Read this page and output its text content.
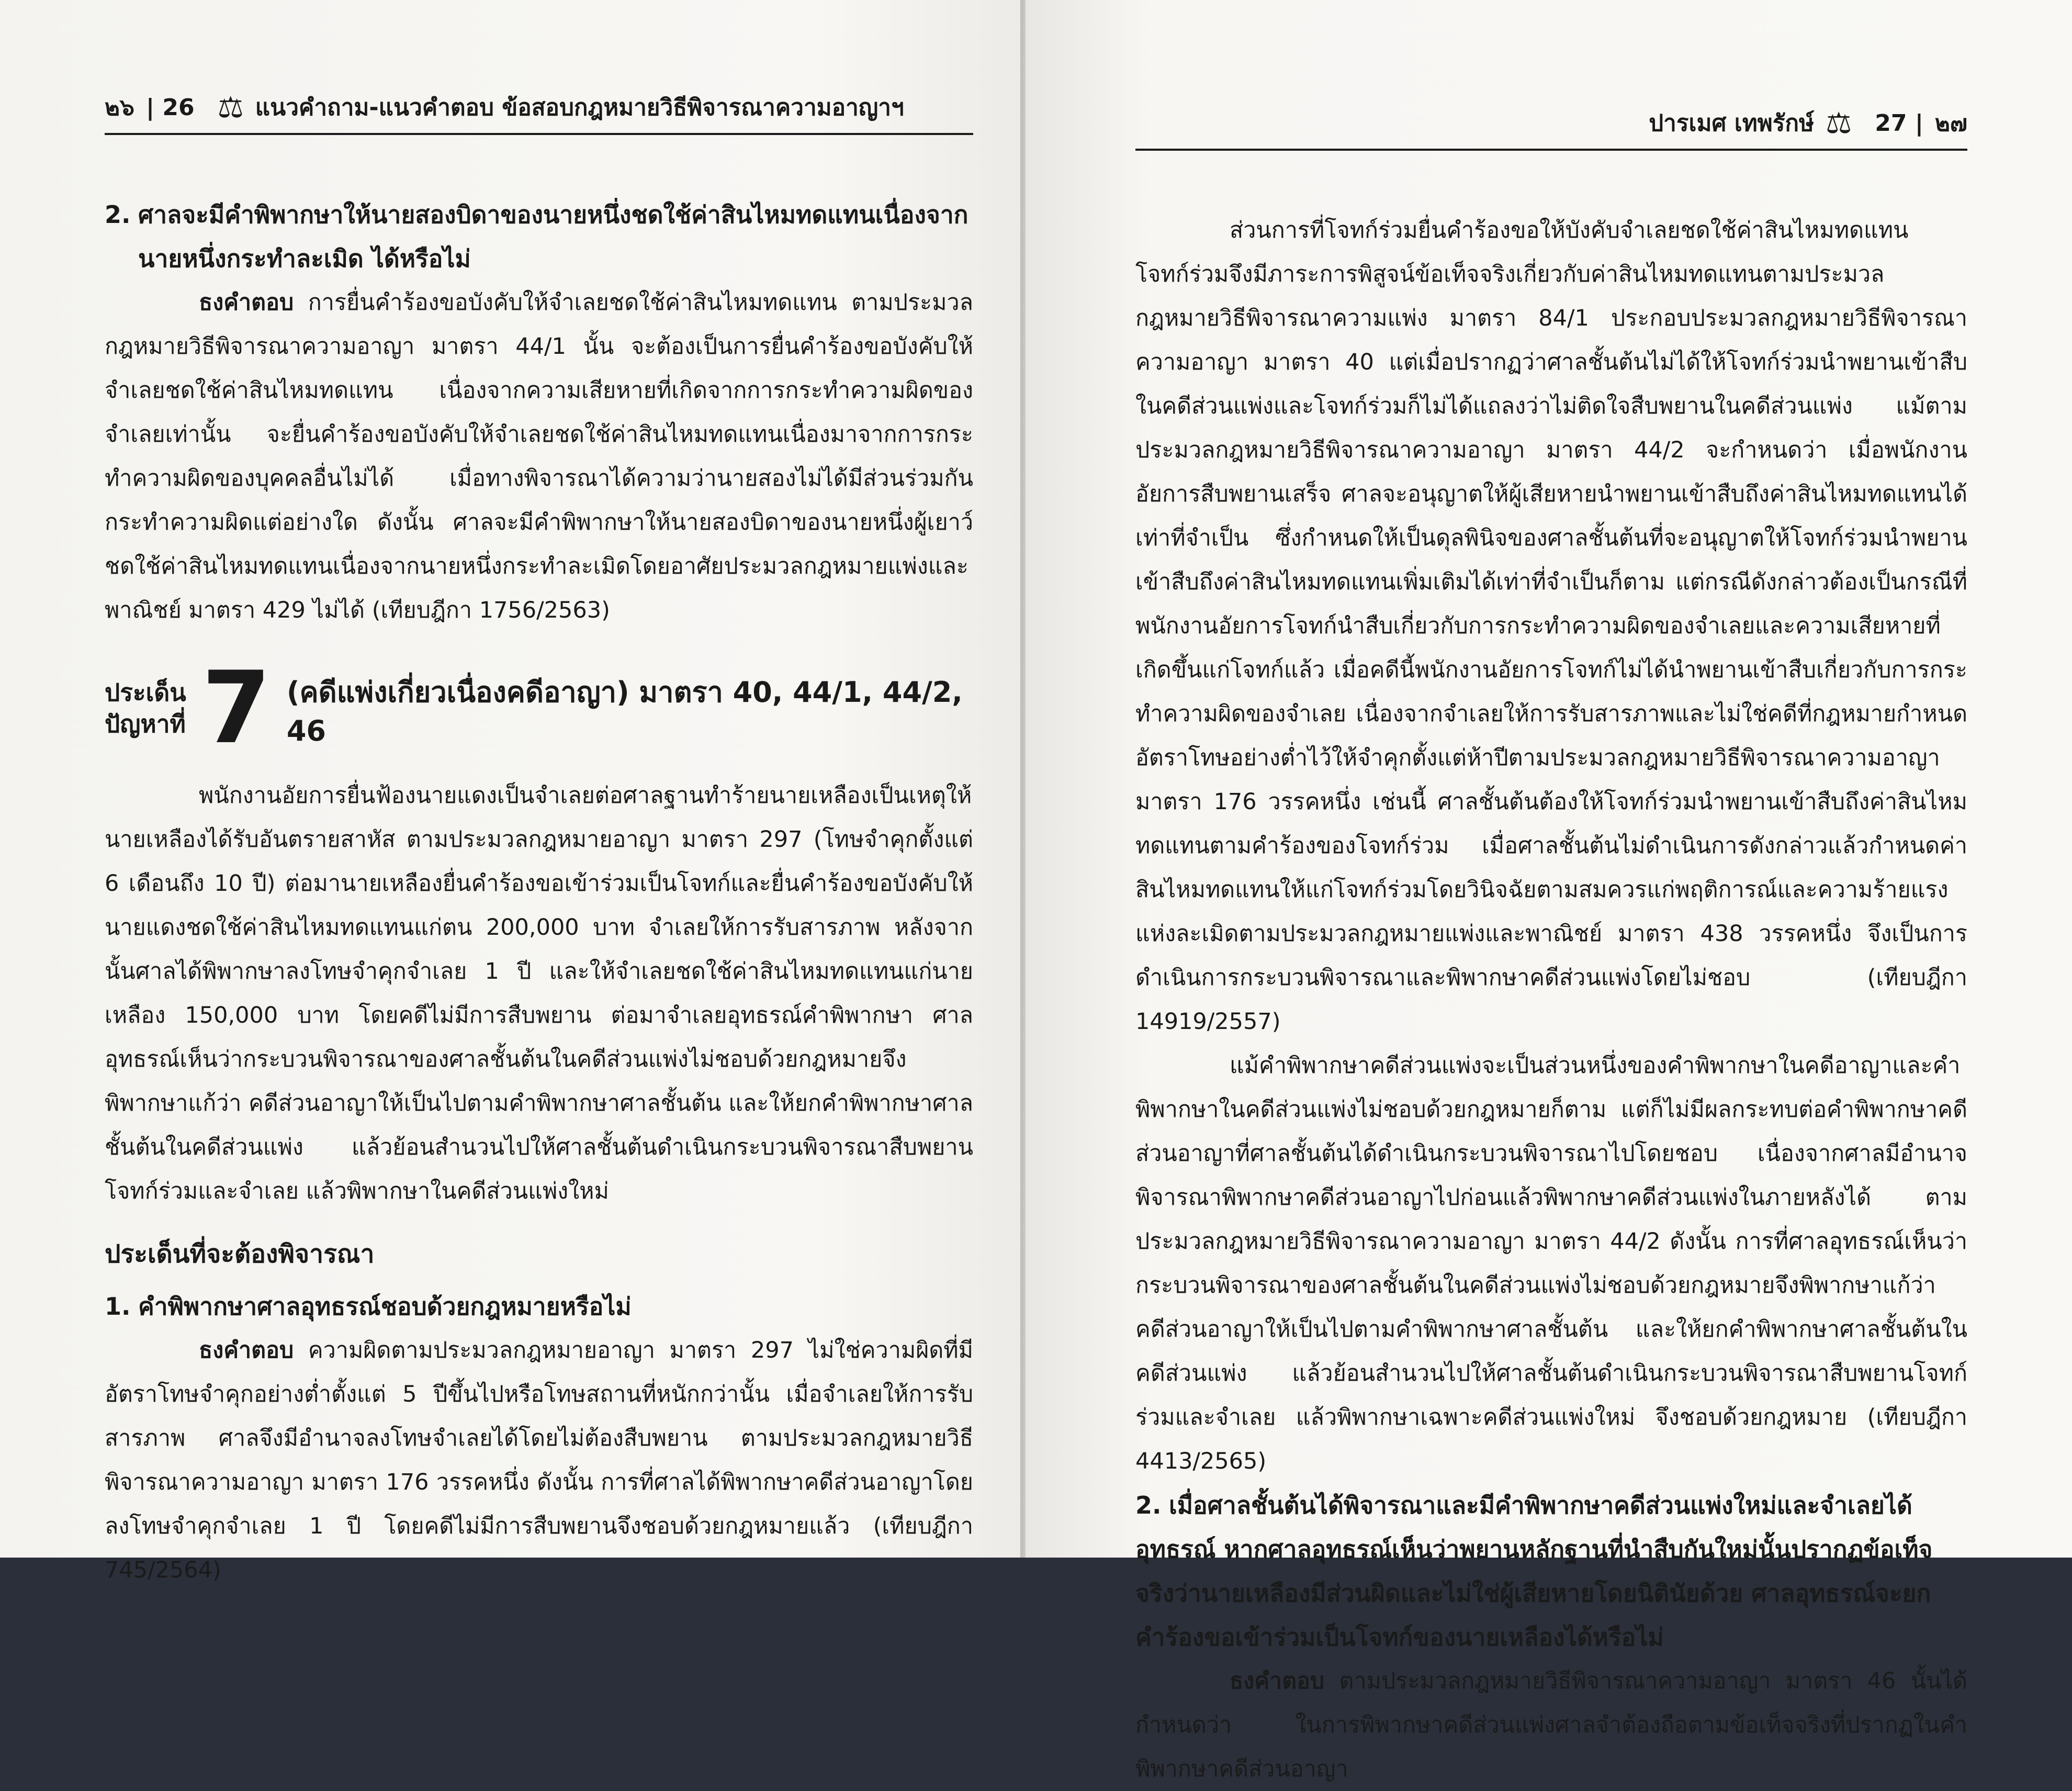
๒๖ | 26 ⚖ แนวคำถาม-แนวคำตอบ ข้อสอบกฎหมายวิธีพิจารณาความอาญาฯ

2. ศาลจะมีคำพิพากษาให้นายสองบิดาของนายหนึ่งชดใช้ค่าสินไหมทดแทนเนื่องจาก
นายหนึ่งกระทำละเมิด ได้หรือไม่

ธงคำตอบ การยื่นคำร้องขอบังคับให้จำเลยชดใช้ค่าสินไหมทดแทน ตามประมวลกฎหมายวิธีพิจารณาความอาญา มาตรา 44/1 นั้น จะต้องเป็นการยื่นคำร้องขอบังคับให้จำเลยชดใช้ค่าสินไหมทดแทน เนื่องจากความเสียหายที่เกิดจากการกระทำความผิดของจำเลยเท่านั้น จะยื่นคำร้องขอบังคับให้จำเลยชดใช้ค่าสินไหมทดแทนเนื่องมาจากการกระทำความผิดของบุคคลอื่นไม่ได้ เมื่อทางพิจารณาได้ความว่านายสองไม่ได้มีส่วนร่วมกันกระทำความผิดแต่อย่างใด ดังนั้น ศาลจะมีคำพิพากษาให้นายสองบิดาของนายหนึ่งผู้เยาว์ชดใช้ค่าสินไหมทดแทนเนื่องจากนายหนึ่งกระทำละเมิดโดยอาศัยประมวลกฎหมายแพ่งและพาณิชย์ มาตรา 429 ไม่ได้ (เทียบฎีกา 1756/2563)

ประเด็น
ปัญหาที่ 7 (คดีแพ่งเกี่ยวเนื่องคดีอาญา) มาตรา 40, 44/1, 44/2, 46

พนักงานอัยการยื่นฟ้องนายแดงเป็นจำเลยต่อศาลฐานทำร้ายนายเหลืองเป็นเหตุให้นายเหลืองได้รับอันตรายสาหัส ตามประมวลกฎหมายอาญา มาตรา 297 (โทษจำคุกตั้งแต่ 6 เดือนถึง 10 ปี) ต่อมานายเหลืองยื่นคำร้องขอเข้าร่วมเป็นโจทก์และยื่นคำร้องขอบังคับให้นายแดงชดใช้ค่าสินไหมทดแทนแก่ตน 200,000 บาท จำเลยให้การรับสารภาพ หลังจากนั้นศาลได้พิพากษาลงโทษจำคุกจำเลย 1 ปี และให้จำเลยชดใช้ค่าสินไหมทดแทนแก่นายเหลือง 150,000 บาท โดยคดีไม่มีการสืบพยาน ต่อมาจำเลยอุทธรณ์คำพิพากษา ศาลอุทธรณ์เห็นว่ากระบวนพิจารณาของศาลชั้นต้นในคดีส่วนแพ่งไม่ชอบด้วยกฎหมายจึงพิพากษาแก้ว่า คดีส่วนอาญาให้เป็นไปตามคำพิพากษาศาลชั้นต้น และให้ยกคำพิพากษาศาลชั้นต้นในคดีส่วนแพ่ง แล้วย้อนสำนวนไปให้ศาลชั้นต้นดำเนินกระบวนพิจารณาสืบพยานโจทก์ร่วมและจำเลย แล้วพิพากษาในคดีส่วนแพ่งใหม่

ประเด็นที่จะต้องพิจารณา

1. คำพิพากษาศาลอุทธรณ์ชอบด้วยกฎหมายหรือไม่

ธงคำตอบ ความผิดตามประมวลกฎหมายอาญา มาตรา 297 ไม่ใช่ความผิดที่มีอัตราโทษจำคุกอย่างต่ำตั้งแต่ 5 ปีขึ้นไปหรือโทษสถานที่หนักกว่านั้น เมื่อจำเลยให้การรับสารภาพ ศาลจึงมีอำนาจลงโทษจำเลยได้โดยไม่ต้องสืบพยาน ตามประมวลกฎหมายวิธีพิจารณาความอาญา มาตรา 176 วรรคหนึ่ง ดังนั้น การที่ศาลได้พิพากษาคดีส่วนอาญาโดยลงโทษจำคุกจำเลย 1 ปี โดยคดีไม่มีการสืบพยานจึงชอบด้วยกฎหมายแล้ว (เทียบฎีกา 745/2564)

ปารเมศ เทพรักษ์ ⚖ 27 | ๒๗

ส่วนการที่โจทก์ร่วมยื่นคำร้องขอให้บังคับจำเลยชดใช้ค่าสินไหมทดแทน โจทก์ร่วมจึงมีภาระการพิสูจน์ข้อเท็จจริงเกี่ยวกับค่าสินไหมทดแทนตามประมวลกฎหมายวิธีพิจารณาความแพ่ง มาตรา 84/1 ประกอบประมวลกฎหมายวิธีพิจารณาความอาญา มาตรา 40 แต่เมื่อปรากฏว่าศาลชั้นต้นไม่ได้ให้โจทก์ร่วมนำพยานเข้าสืบในคดีส่วนแพ่งและโจทก์ร่วมก็ไม่ได้แถลงว่าไม่ติดใจสืบพยานในคดีส่วนแพ่ง แม้ตามประมวลกฎหมายวิธีพิจารณาความอาญา มาตรา 44/2 จะกำหนดว่า เมื่อพนักงานอัยการสืบพยานเสร็จ ศาลจะอนุญาตให้ผู้เสียหายนำพยานเข้าสืบถึงค่าสินไหมทดแทนได้เท่าที่จำเป็น ซึ่งกำหนดให้เป็นดุลพินิจของศาลชั้นต้นที่จะอนุญาตให้โจทก์ร่วมนำพยานเข้าสืบถึงค่าสินไหมทดแทนเพิ่มเติมได้เท่าที่จำเป็นก็ตาม แต่กรณีดังกล่าวต้องเป็นกรณีที่พนักงานอัยการโจทก์นำสืบเกี่ยวกับการกระทำความผิดของจำเลยและความเสียหายที่เกิดขึ้นแก่โจทก์แล้ว เมื่อคดีนี้พนักงานอัยการโจทก์ไม่ได้นำพยานเข้าสืบเกี่ยวกับการกระทำความผิดของจำเลย เนื่องจากจำเลยให้การรับสารภาพและไม่ใช่คดีที่กฎหมายกำหนดอัตราโทษอย่างต่ำไว้ให้จำคุกตั้งแต่ห้าปีตามประมวลกฎหมายวิธีพิจารณาความอาญา มาตรา 176 วรรคหนึ่ง เช่นนี้ ศาลชั้นต้นต้องให้โจทก์ร่วมนำพยานเข้าสืบถึงค่าสินไหมทดแทนตามคำร้องของโจทก์ร่วม เมื่อศาลชั้นต้นไม่ดำเนินการดังกล่าวแล้วกำหนดค่าสินไหมทดแทนให้แก่โจทก์ร่วมโดยวินิจฉัยตามสมควรแก่พฤติการณ์และความร้ายแรงแห่งละเมิดตามประมวลกฎหมายแพ่งและพาณิชย์ มาตรา 438 วรรคหนึ่ง จึงเป็นการดำเนินการกระบวนพิจารณาและพิพากษาคดีส่วนแพ่งโดยไม่ชอบ (เทียบฎีกา 14919/2557)

แม้คำพิพากษาคดีส่วนแพ่งจะเป็นส่วนหนึ่งของคำพิพากษาในคดีอาญาและคำพิพากษาในคดีส่วนแพ่งไม่ชอบด้วยกฎหมายก็ตาม แต่ก็ไม่มีผลกระทบต่อคำพิพากษาคดีส่วนอาญาที่ศาลชั้นต้นได้ดำเนินกระบวนพิจารณาไปโดยชอบ เนื่องจากศาลมีอำนาจพิจารณาพิพากษาคดีส่วนอาญาไปก่อนแล้วพิพากษาคดีส่วนแพ่งในภายหลังได้ ตามประมวลกฎหมายวิธีพิจารณาความอาญา มาตรา 44/2 ดังนั้น การที่ศาลอุทธรณ์เห็นว่ากระบวนพิจารณาของศาลชั้นต้นในคดีส่วนแพ่งไม่ชอบด้วยกฎหมายจึงพิพากษาแก้ว่า คดีส่วนอาญาให้เป็นไปตามคำพิพากษาศาลชั้นต้น และให้ยกคำพิพากษาศาลชั้นต้นในคดีส่วนแพ่ง แล้วย้อนสำนวนไปให้ศาลชั้นต้นดำเนินกระบวนพิจารณาสืบพยานโจทก์ร่วมและจำเลย แล้วพิพากษาเฉพาะคดีส่วนแพ่งใหม่ จึงชอบด้วยกฎหมาย (เทียบฎีกา 4413/2565)

2. เมื่อศาลชั้นต้นได้พิจารณาและมีคำพิพากษาคดีส่วนแพ่งใหม่และจำเลยได้อุทธรณ์ หากศาลอุทธรณ์เห็นว่าพยานหลักฐานที่นำสืบกันใหม่นั้นปรากฏข้อเท็จจริงว่านายเหลืองมีส่วนผิดและไม่ใช่ผู้เสียหายโดยนิตินัยด้วย ศาลอุทธรณ์จะยกคำร้องขอเข้าร่วมเป็นโจทก์ของนายเหลืองได้หรือไม่

ธงคำตอบ ตามประมวลกฎหมายวิธีพิจารณาความอาญา มาตรา 46 นั้นได้กำหนดว่า ในการพิพากษาคดีส่วนแพ่งศาลจำต้องถือตามข้อเท็จจริงที่ปรากฏในคำพิพากษาคดีส่วนอาญา
